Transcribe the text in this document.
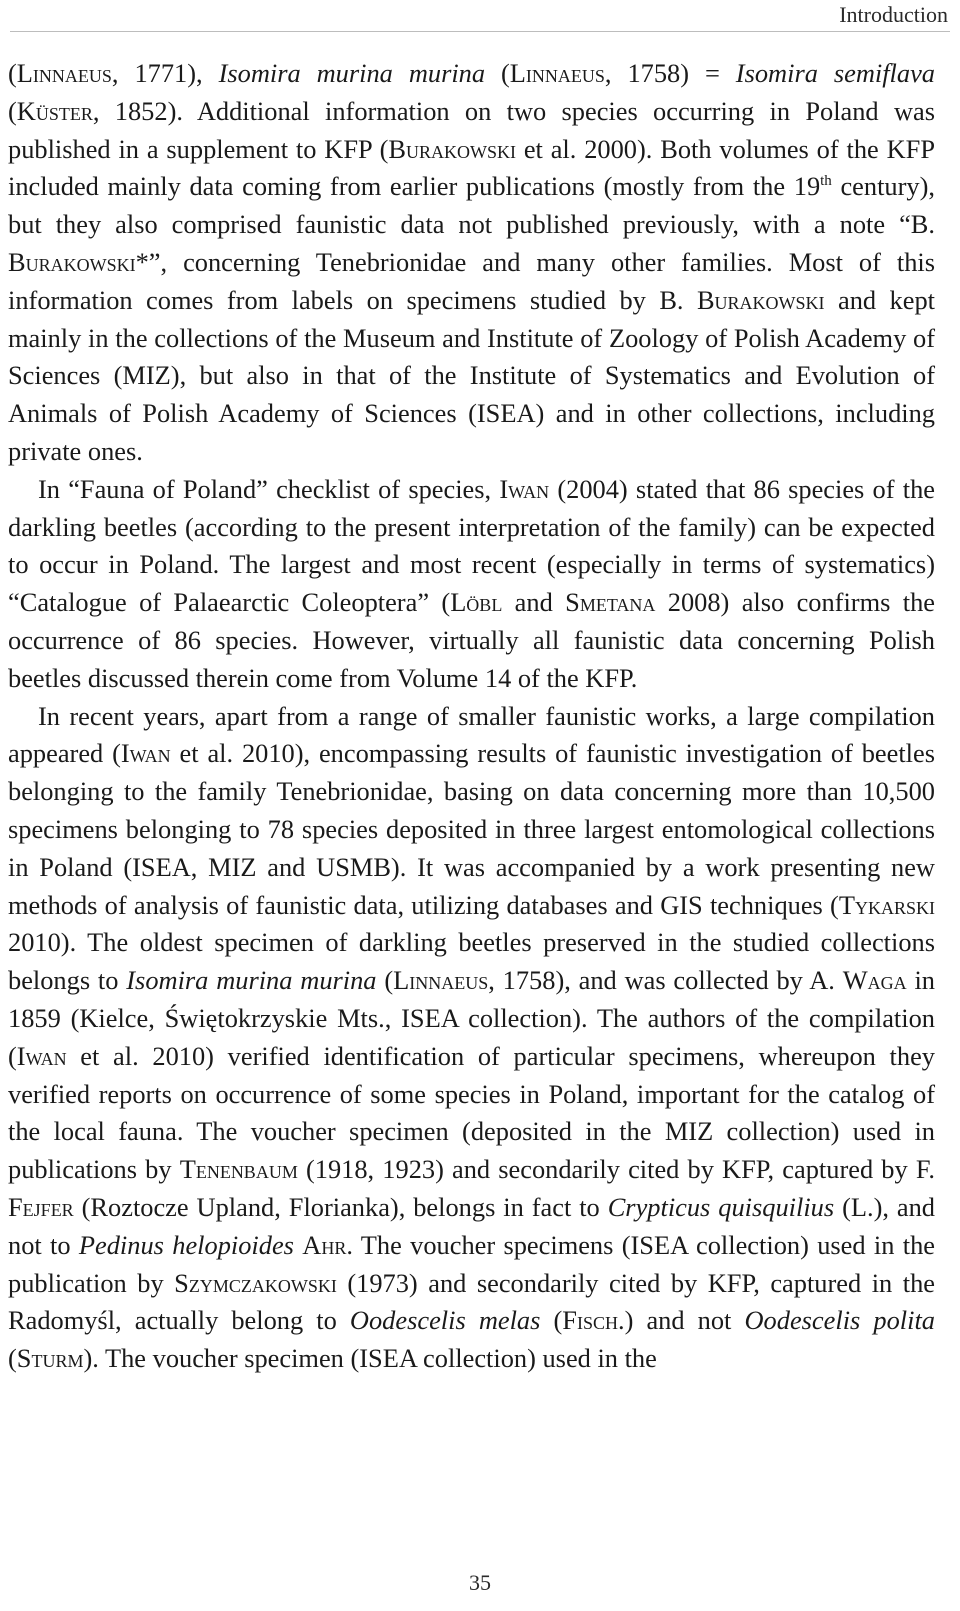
Introduction

(Linnaeus, 1771), Isomira murina murina (Linnaeus, 1758) = Isomira semiflava (Küster, 1852). Additional information on two species occurring in Poland was published in a supplement to KFP (Burakowski et al. 2000). Both volumes of the KFP included mainly data coming from earlier publications (mostly from the 19th century), but they also comprised faunistic data not published previously, with a note “B. Burakowski*”, concerning Tenebrionidae and many other families. Most of this information comes from labels on specimens studied by B. Burakowski and kept mainly in the collections of the Museum and Institute of Zoology of Polish Academy of Sciences (MIZ), but also in that of the Institute of Systematics and Evolution of Animals of Polish Academy of Sciences (ISEA) and in other collections, including private ones.

In “Fauna of Poland” checklist of species, Iwan (2004) stated that 86 species of the darkling beetles (according to the present interpretation of the family) can be expected to occur in Poland. The largest and most recent (especially in terms of systematics) “Catalogue of Palaearctic Coleoptera” (Löbl and Smetana 2008) also confirms the occurrence of 86 species. However, virtually all faunistic data concerning Polish beetles discussed therein come from Volume 14 of the KFP.

In recent years, apart from a range of smaller faunistic works, a large compilation appeared (Iwan et al. 2010), encompassing results of faunistic investigation of beetles belonging to the family Tenebrionidae, basing on data concerning more than 10,500 specimens belonging to 78 species deposited in three largest entomological collections in Poland (ISEA, MIZ and USMB). It was accompanied by a work presenting new methods of analysis of faunistic data, utilizing databases and GIS techniques (Tykarski 2010). The oldest specimen of darkling beetles preserved in the studied collections belongs to Isomira murina murina (Linnaeus, 1758), and was collected by A. Waga in 1859 (Kielce, Świętokrzyskie Mts., ISEA collection). The authors of the compilation (Iwan et al. 2010) verified identification of particular specimens, whereupon they verified reports on occurrence of some species in Poland, important for the catalog of the local fauna. The voucher specimen (deposited in the MIZ collection) used in publications by Tenenbaum (1918, 1923) and secondarily cited by KFP, captured by F. Fejfer (Roztocze Upland, Florianka), belongs in fact to Crypticus quisquilius (L.), and not to Pedinus helopioides Ahr. The voucher specimens (ISEA collection) used in the publication by Szymczakowski (1973) and secondarily cited by KFP, captured in the Radomyśl, actually belong to Oodescelis melas (Fisch.) and not Oodescelis polita (Sturm). The voucher specimen (ISEA collection) used in the

35
